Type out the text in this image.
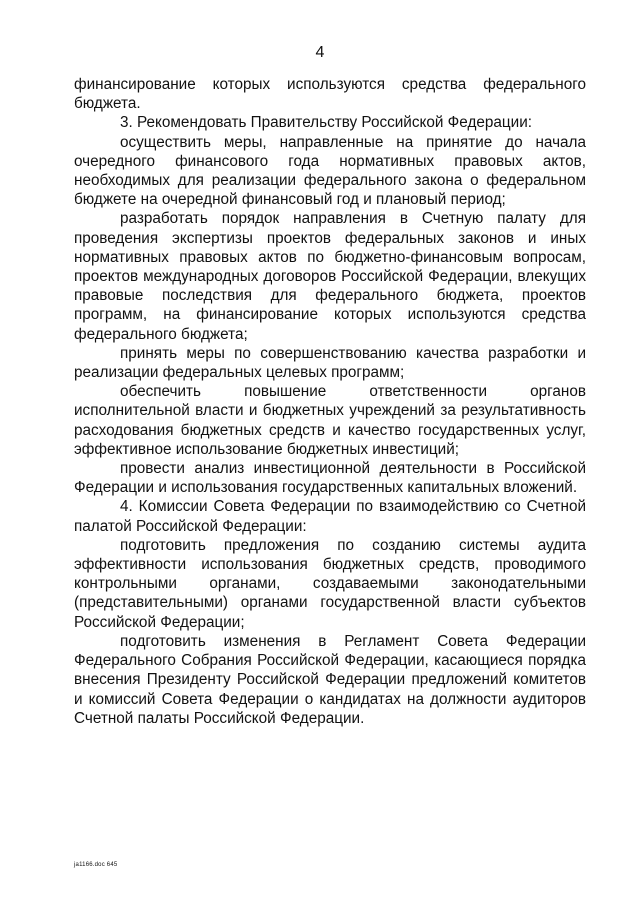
4

финансирование которых используются средства федерального бюджета.

3. Рекомендовать Правительству Российской Федерации:

осуществить меры, направленные на принятие до начала очередного финансового года нормативных правовых актов, необходимых для реализации федерального закона о федеральном бюджете на очередной финансовый год и плановый период;

разработать порядок направления в Счетную палату для проведения экспертизы проектов федеральных законов и иных нормативных правовых актов по бюджетно-финансовым вопросам, проектов международных договоров Российской Федерации, влекущих правовые последствия для федерального бюджета, проектов программ, на финансирование которых используются средства федерального бюджета;

принять меры по совершенствованию качества разработки и реализации федеральных целевых программ;

обеспечить повышение ответственности органов исполнительной власти и бюджетных учреждений за результативность расходования бюджетных средств и качество государственных услуг, эффективное использование бюджетных инвестиций;

провести анализ инвестиционной деятельности в Российской Федерации и использования государственных капитальных вложений.

4. Комиссии Совета Федерации по взаимодействию со Счетной палатой Российской Федерации:

подготовить предложения по созданию системы аудита эффективности использования бюджетных средств, проводимого контрольными органами, создаваемыми законодательными (представительными) органами государственной власти субъектов Российской Федерации;

подготовить изменения в Регламент Совета Федерации Федерального Собрания Российской Федерации, касающиеся порядка внесения Президенту Российской Федерации предложений комитетов и комиссий Совета Федерации о кандидатах на должности аудиторов Счетной палаты Российской Федерации.

ja1166.doc 645
